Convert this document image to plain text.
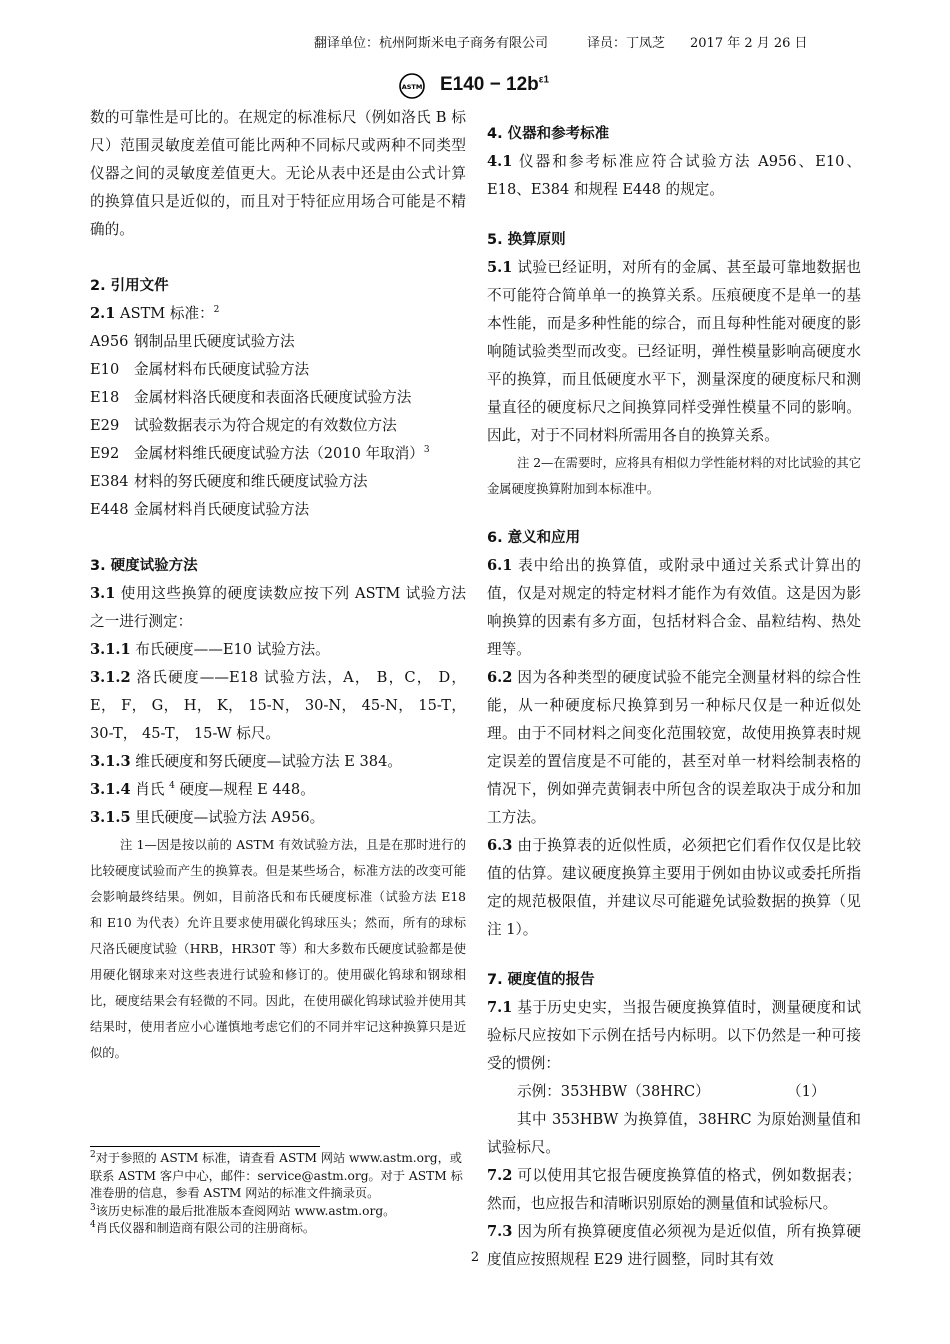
翻译单位：杭州阿斯米电子商务有限公司	译员：丁凤芝 2017 年 2 月 26 日
ASTM $E140 - 12b^{\varepsilon 1}$

数的可靠性是可比的。在规定的标准标尺（例如洛氏 B 标尺）范围灵敏度差值可能比两种不同标尺或两种不同类型仪器之间的灵敏度差值更大。无论从表中还是由公式计算的换算值只是近似的，而且对于特征应用场合可能是不精确的。

2. 引用文件

2.1 ASTM 标准：$^2$

A956 钢制品里氏硬度试验方法
E10	金属材料布氏硬度试验方法
E18	金属材料洛氏硬度和表面洛氏硬度试验方法
E29	试验数据表示为符合规定的有效数位方法
E92	金属材料维氏硬度试验方法（2010 年取消）$^3$
E384 材料的努氏硬度和维氏硬度试验方法
E448 金属材料肖氏硬度试验方法

3. 硬度试验方法

3.1 使用这些换算的硬度读数应按下列 ASTM 试验方法之一进行测定：

3.1.1 布氏硬度——E10 试验方法。

3.1.2 洛氏硬度——E18 试验方法，A， B，C， D， E， F， G， H， K， 15-N， 30-N， 45-N， 15-T， 30-T， 45-T， 15-W 标尺。

3.1.3 维氏硬度和努氏硬度—试验方法 E 384。

3.1.4 肖氏 $^4$ 硬度—规程 E 448。

3.1.5 里氏硬度—试验方法 A956。

注 1—因是按以前的 ASTM 有效试验方法，且是在那时进行的比较硬度试验而产生的换算表。但是某些场合，标准方法的改变可能会影响最终结果。例如，目前洛氏和布氏硬度标准（试验方法 E18 和 E10 为代表）允许且要求使用碳化钨球压头；然而，所有的球标尺洛氏硬度试验（HRB，HR30T 等）和大多数布氏硬度试验都是使用硬化钢球来对这些表进行试验和修订的。使用碳化钨球和钢球相比，硬度结果会有轻微的不同。因此，在使用碳化钨球试验并使用其结果时，使用者应小心谨慎地考虑它们的不同并牢记这种换算只是近似的。

$^2$对于参照的 ASTM 标准，请查看 ASTM 网站 www.astm.org，或联系 ASTM 客户中心，邮件：service@astm.org。对于 ASTM 标准卷册的信息，参看 ASTM 网站的标准文件摘录页。

$^3$该历史标准的最后批准版本查阅网站 www.astm.org。

$^4$肖氏仪器和制造商有限公司的注册商标。

4. 仪器和参考标准

4.1 仪器和参考标准应符合试验方法 A956、E10、E18、E384 和规程 E448 的规定。

5. 换算原则

5.1 试验已经证明，对所有的金属、甚至最可靠地数据也不可能符合简单单一的换算关系。压痕硬度不是单一的基本性能，而是多种性能的综合，而且每种性能对硬度的影响随试验类型而改变。已经证明，弹性模量影响高硬度水平的换算，而且低硬度水平下，测量深度的硬度标尺和测量直径的硬度标尺之间换算同样受弹性模量不同的影响。因此，对于不同材料所需用各自的换算关系。

注 2—在需要时，应将具有相似力学性能材料的对比试验的其它金属硬度换算附加到本标准中。

6. 意义和应用

6.1 表中给出的换算值，或附录中通过关系式计算出的值，仅是对规定的特定材料才能作为有效值。这是因为影响换算的因素有多方面，包括材料合金、晶粒结构、热处理等。

6.2 因为各种类型的硬度试验不能完全测量材料的综合性能，从一种硬度标尺换算到另一种标尺仅是一种近似处理。由于不同材料之间变化范围较宽，故使用换算表时规定误差的置信度是不可能的，甚至对单一材料绘制表格的情况下，例如弹壳黄铜表中所包含的误差取决于成分和加工方法。

6.3 由于换算表的近似性质，必须把它们看作仅仅是比较值的估算。建议硬度换算主要用于例如由协议或委托所指定的规范极限值，并建议尽可能避免试验数据的换算（见注 1）。

7. 硬度值的报告

7.1 基于历史史实，当报告硬度换算值时，测量硬度和试验标尺应按如下示例在括号内标明。以下仍然是一种可接受的惯例：

示例：353HBW（38HRC）	（1）

其中 353HBW 为换算值，38HRC 为原始测量值和试验标尺。

7.2 可以使用其它报告硬度换算值的格式，例如数据表；然而，也应报告和清晰识别原始的测量值和试验标尺。

7.3 因为所有换算硬度值必须视为是近似值，所有换算硬度值应按照规程 E29 进行圆整，同时其有效

2
